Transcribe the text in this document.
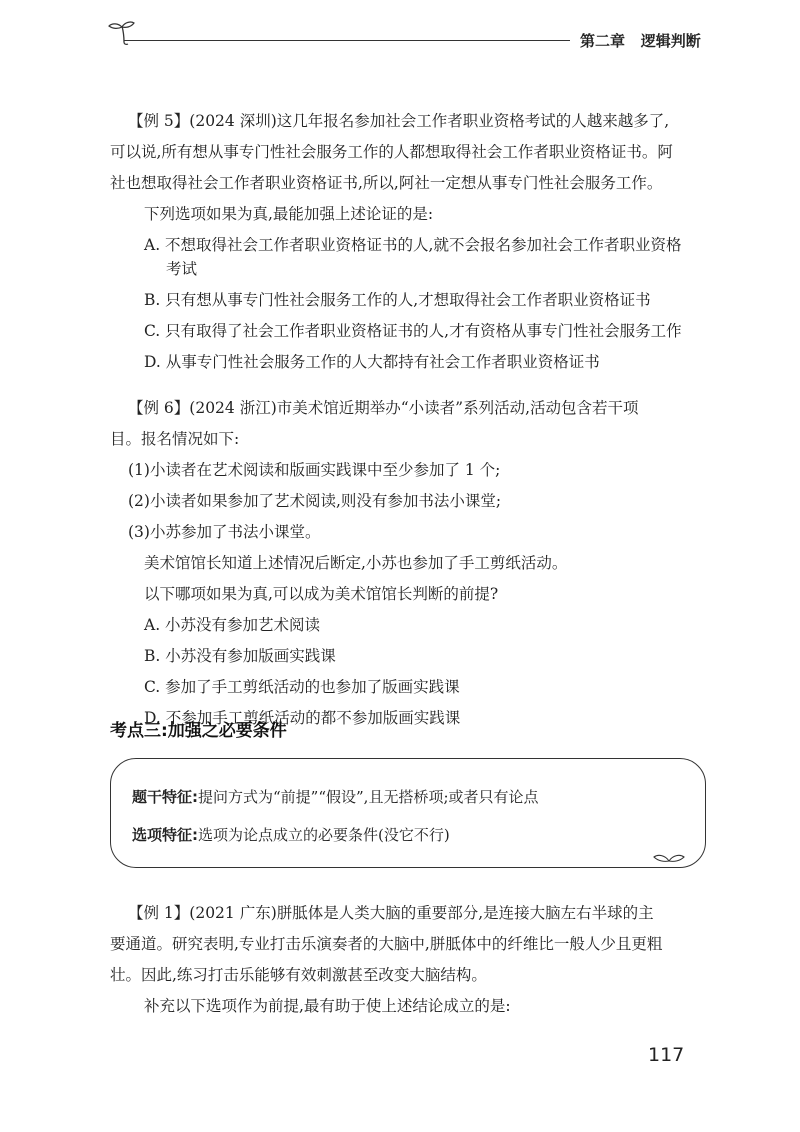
第二章 逻辑判断
【例 5】(2024 深圳)这几年报名参加社会工作者职业资格考试的人越来越多了,
可以说,所有想从事专门性社会服务工作的人都想取得社会工作者职业资格证书。阿
社也想取得社会工作者职业资格证书,所以,阿社一定想从事专门性社会服务工作。
下列选项如果为真,最能加强上述论证的是:
A. 不想取得社会工作者职业资格证书的人,就不会报名参加社会工作者职业资格
考试
B. 只有想从事专门性社会服务工作的人,才想取得社会工作者职业资格证书
C. 只有取得了社会工作者职业资格证书的人,才有资格从事专门性社会服务工作
D. 从事专门性社会服务工作的人大都持有社会工作者职业资格证书
【例 6】(2024 浙江)市美术馆近期举办“小读者”系列活动,活动包含若干项
目。报名情况如下:
(1)小读者在艺术阅读和版画实践课中至少参加了 1 个;
(2)小读者如果参加了艺术阅读,则没有参加书法小课堂;
(3)小苏参加了书法小课堂。
美术馆馆长知道上述情况后断定,小苏也参加了手工剪纸活动。
以下哪项如果为真,可以成为美术馆馆长判断的前提?
A. 小苏没有参加艺术阅读
B. 小苏没有参加版画实践课
C. 参加了手工剪纸活动的也参加了版画实践课
D. 不参加手工剪纸活动的都不参加版画实践课
考点三:加强之必要条件
题干特征:提问方式为“前提”“假设”,且无搭桥项;或者只有论点
选项特征:选项为论点成立的必要条件(没它不行)
【例 1】(2021 广东)胼胝体是人类大脑的重要部分,是连接大脑左右半球的主
要通道。研究表明,专业打击乐演奏者的大脑中,胼胝体中的纤维比一般人少且更粗
壮。因此,练习打击乐能够有效刺激甚至改变大脑结构。
补充以下选项作为前提,最有助于使上述结论成立的是:
117
